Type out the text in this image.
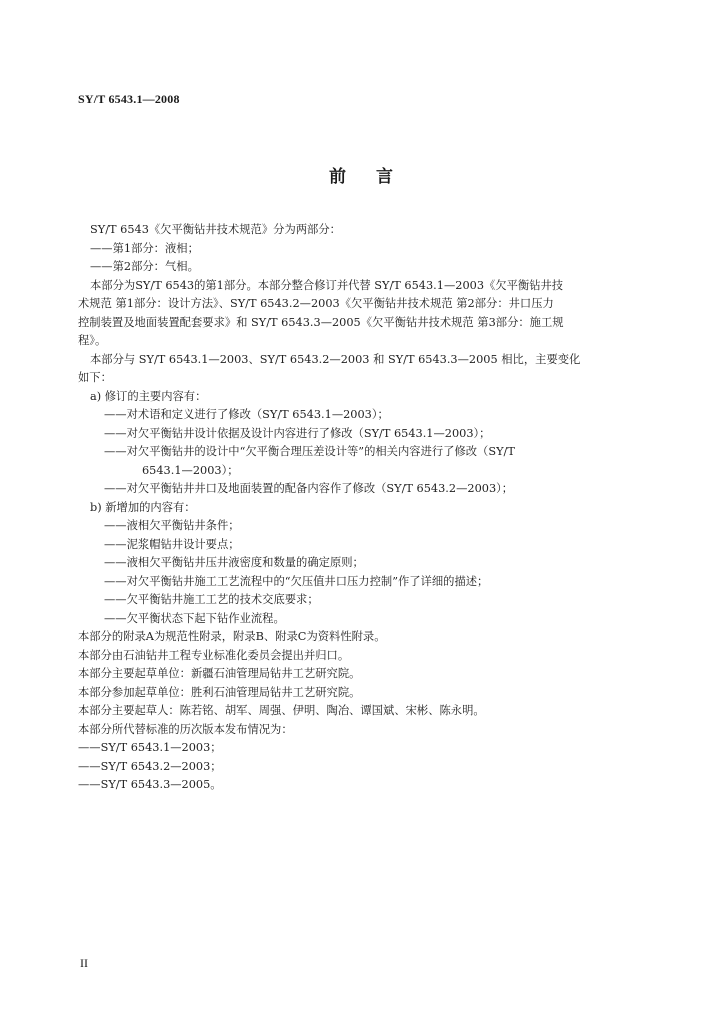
SY/T 6543.1—2008
前言
SY/T 6543《欠平衡钻井技术规范》分为两部分：
——第1部分：液相；
——第2部分：气相。
本部分为SY/T 6543的第1部分。本部分整合修订并代替 SY/T 6543.1—2003《欠平衡钻井技
术规范 第1部分：设计方法》、SY/T 6543.2—2003《欠平衡钻井技术规范 第2部分：井口压力
控制装置及地面装置配套要求》和 SY/T 6543.3—2005《欠平衡钻井技术规范 第3部分：施工规
程》。
本部分与 SY/T 6543.1—2003、SY/T 6543.2—2003 和 SY/T 6543.3—2005 相比，主要变化
如下：
a) 修订的主要内容有：
——对术语和定义进行了修改（SY/T 6543.1—2003）；
——对欠平衡钻井设计依据及设计内容进行了修改（SY/T 6543.1—2003）；
——对欠平衡钻井的设计中“欠平衡合理压差设计等”的相关内容进行了修改（SY/T
6543.1—2003）；
——对欠平衡钻井井口及地面装置的配备内容作了修改（SY/T 6543.2—2003）；
b) 新增加的内容有：
——液相欠平衡钻井条件；
——泥浆帽钻井设计要点；
——液相欠平衡钻井压井液密度和数量的确定原则；
——对欠平衡钻井施工工艺流程中的“欠压值井口压力控制”作了详细的描述；
——欠平衡钻井施工工艺的技术交底要求；
——欠平衡状态下起下钻作业流程。
本部分的附录A为规范性附录，附录B、附录C为资料性附录。
本部分由石油钻井工程专业标准化委员会提出并归口。
本部分主要起草单位：新疆石油管理局钻井工艺研究院。
本部分参加起草单位：胜利石油管理局钻井工艺研究院。
本部分主要起草人：陈若铭、胡军、周强、伊明、陶冶、谭国斌、宋彬、陈永明。
本部分所代替标准的历次版本发布情况为：
——SY/T 6543.1—2003；
——SY/T 6543.2—2003；
——SY/T 6543.3—2005。
II
